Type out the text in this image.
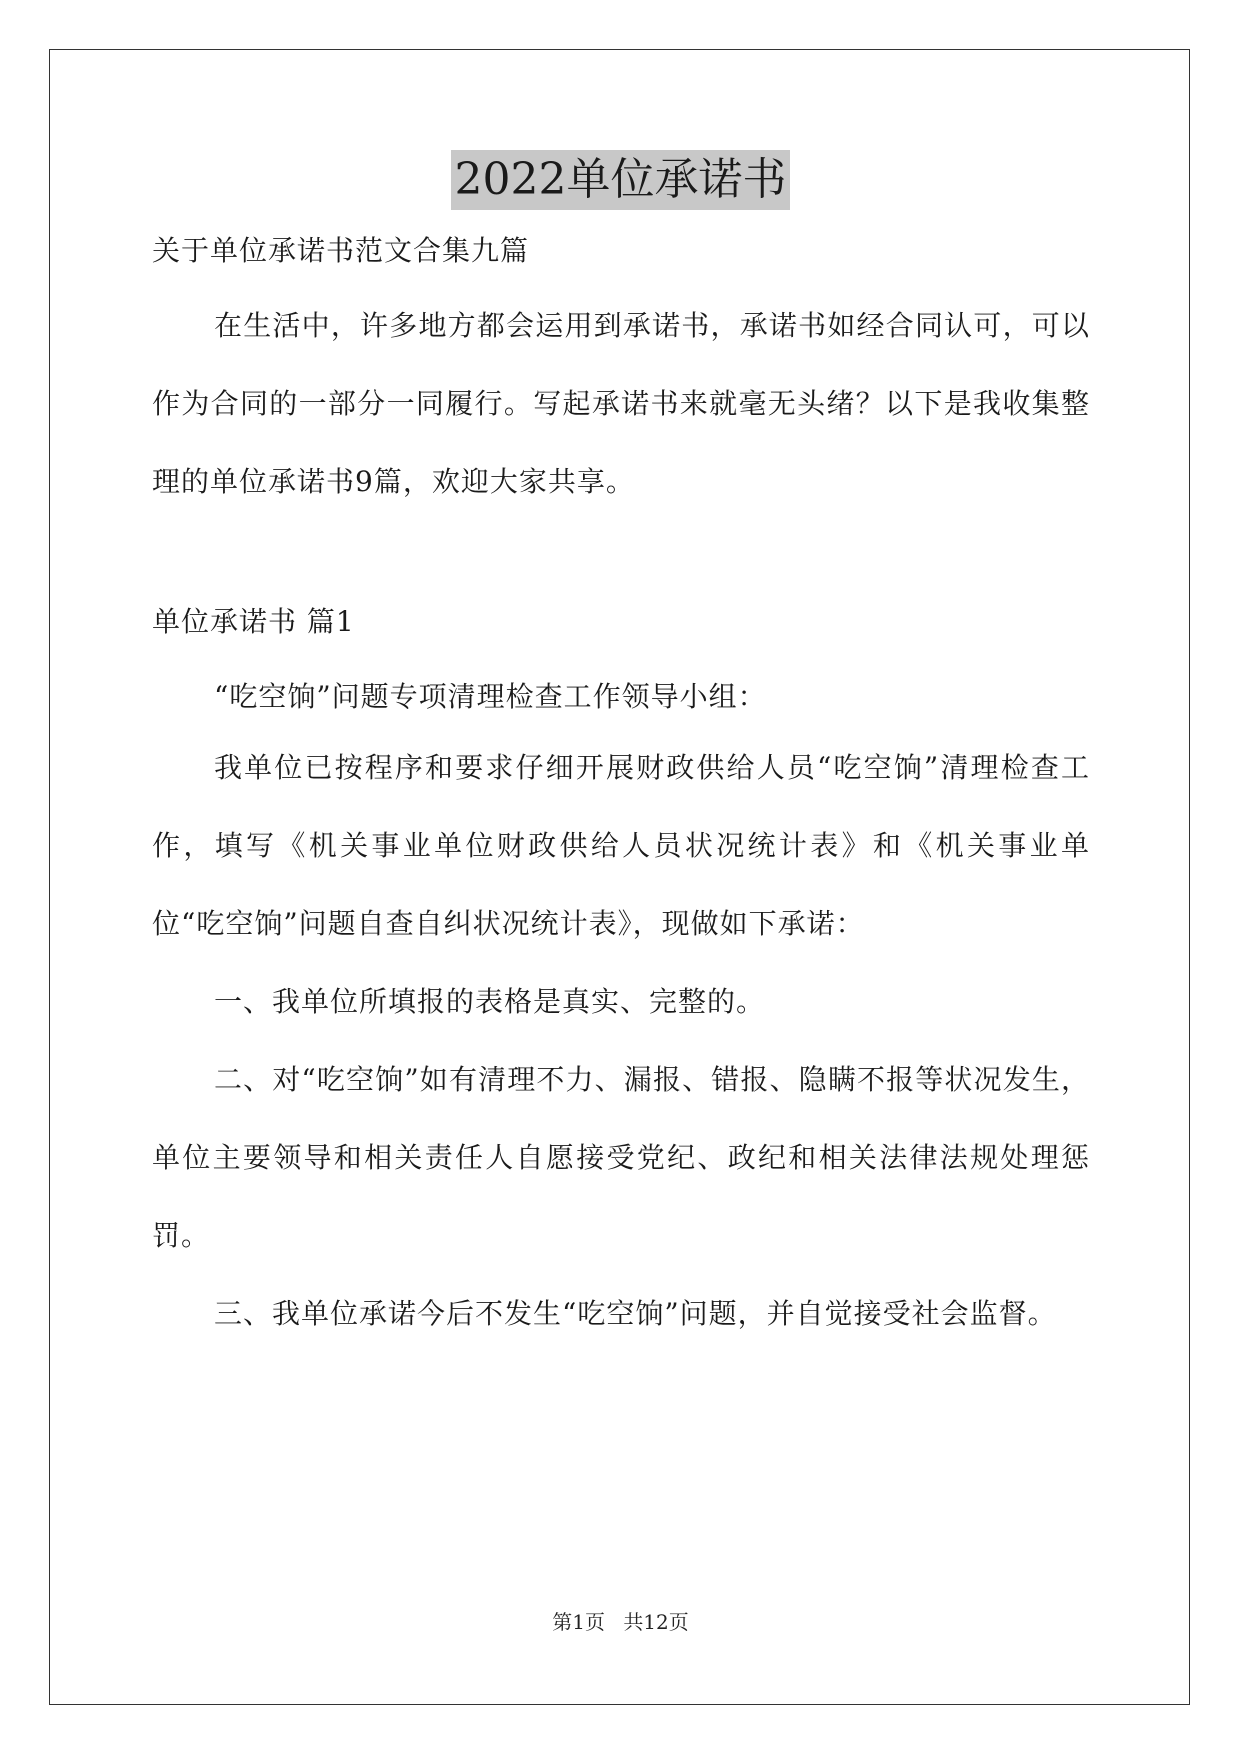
2022单位承诺书

关于单位承诺书范文合集九篇

在生活中，许多地方都会运用到承诺书，承诺书如经合同认可，可以作为合同的一部分一同履行。写起承诺书来就毫无头绪？以下是我收集整理的单位承诺书9篇，欢迎大家共享。

单位承诺书 篇1

“吃空饷”问题专项清理检查工作领导小组：

我单位已按程序和要求仔细开展财政供给人员“吃空饷”清理检查工作，填写《机关事业单位财政供给人员状况统计表》和《机关事业单位“吃空饷”问题自查自纠状况统计表》，现做如下承诺：

一、我单位所填报的表格是真实、完整的。

二、对“吃空饷”如有清理不力、漏报、错报、隐瞒不报等状况发生，单位主要领导和相关责任人自愿接受党纪、政纪和相关法律法规处理惩罚。

三、我单位承诺今后不发生“吃空饷”问题，并自觉接受社会监督。

第1页 共12页
